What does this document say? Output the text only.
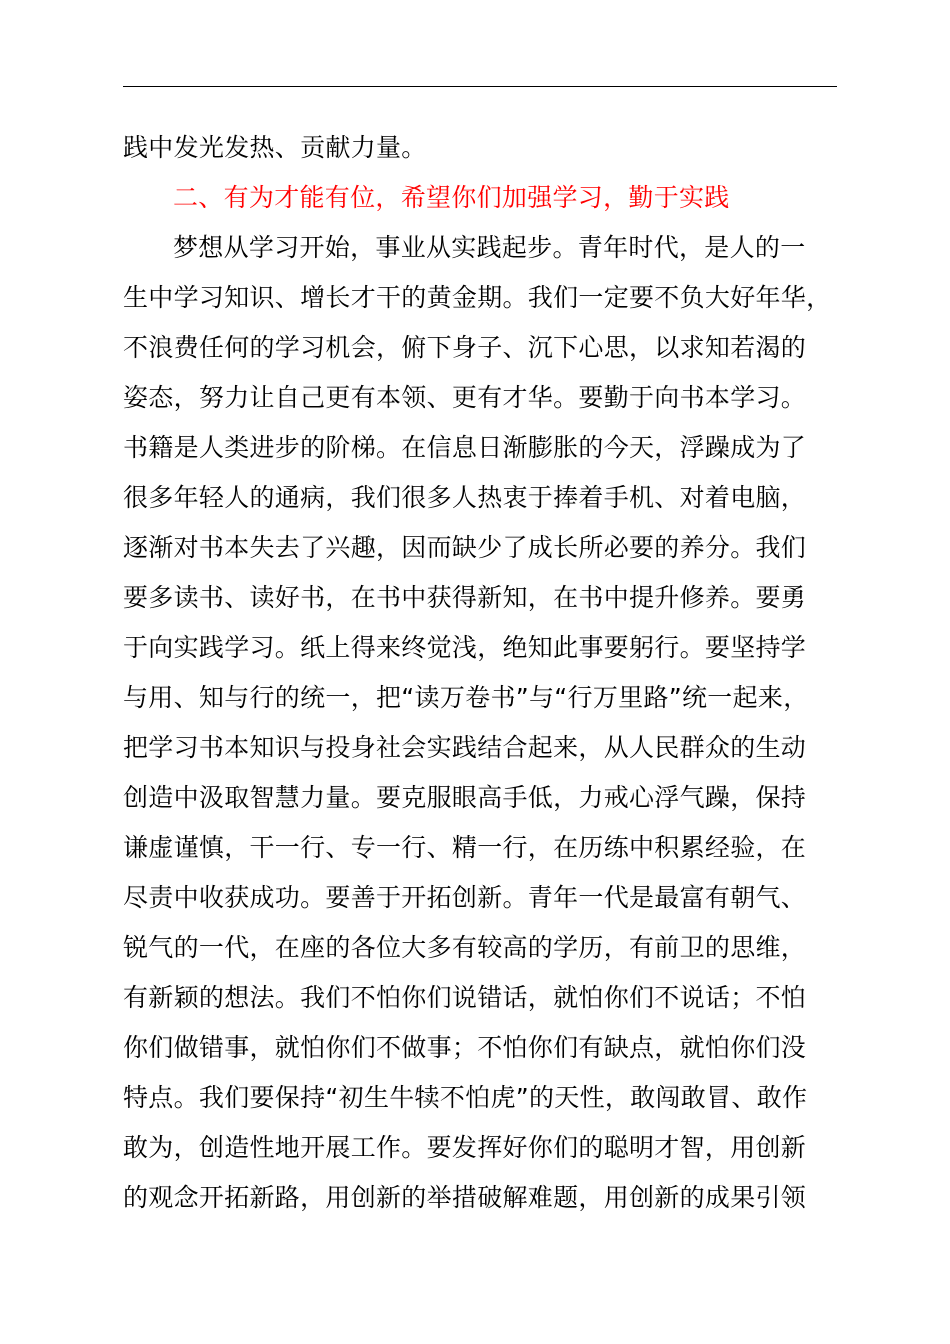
践中发光发热、贡献力量。
二、有为才能有位，希望你们加强学习，勤于实践
梦想从学习开始，事业从实践起步。青年时代，是人的一
生中学习知识、增长才干的黄金期。我们一定要不负大好年华，
不浪费任何的学习机会，俯下身子、沉下心思，以求知若渴的
姿态，努力让自己更有本领、更有才华。要勤于向书本学习。
书籍是人类进步的阶梯。在信息日渐膨胀的今天，浮躁成为了
很多年轻人的通病，我们很多人热衷于捧着手机、对着电脑，
逐渐对书本失去了兴趣，因而缺少了成长所必要的养分。我们
要多读书、读好书，在书中获得新知，在书中提升修养。要勇
于向实践学习。纸上得来终觉浅，绝知此事要躬行。要坚持学
与用、知与行的统一，把“读万卷书”与“行万里路”统一起来，
把学习书本知识与投身社会实践结合起来，从人民群众的生动
创造中汲取智慧力量。要克服眼高手低，力戒心浮气躁，保持
谦虚谨慎，干一行、专一行、精一行，在历练中积累经验，在
尽责中收获成功。要善于开拓创新。青年一代是最富有朝气、
锐气的一代，在座的各位大多有较高的学历，有前卫的思维，
有新颖的想法。我们不怕你们说错话，就怕你们不说话；不怕
你们做错事，就怕你们不做事；不怕你们有缺点，就怕你们没
特点。我们要保持“初生牛犊不怕虎”的天性，敢闯敢冒、敢作
敢为，创造性地开展工作。要发挥好你们的聪明才智，用创新
的观念开拓新路，用创新的举措破解难题，用创新的成果引领
